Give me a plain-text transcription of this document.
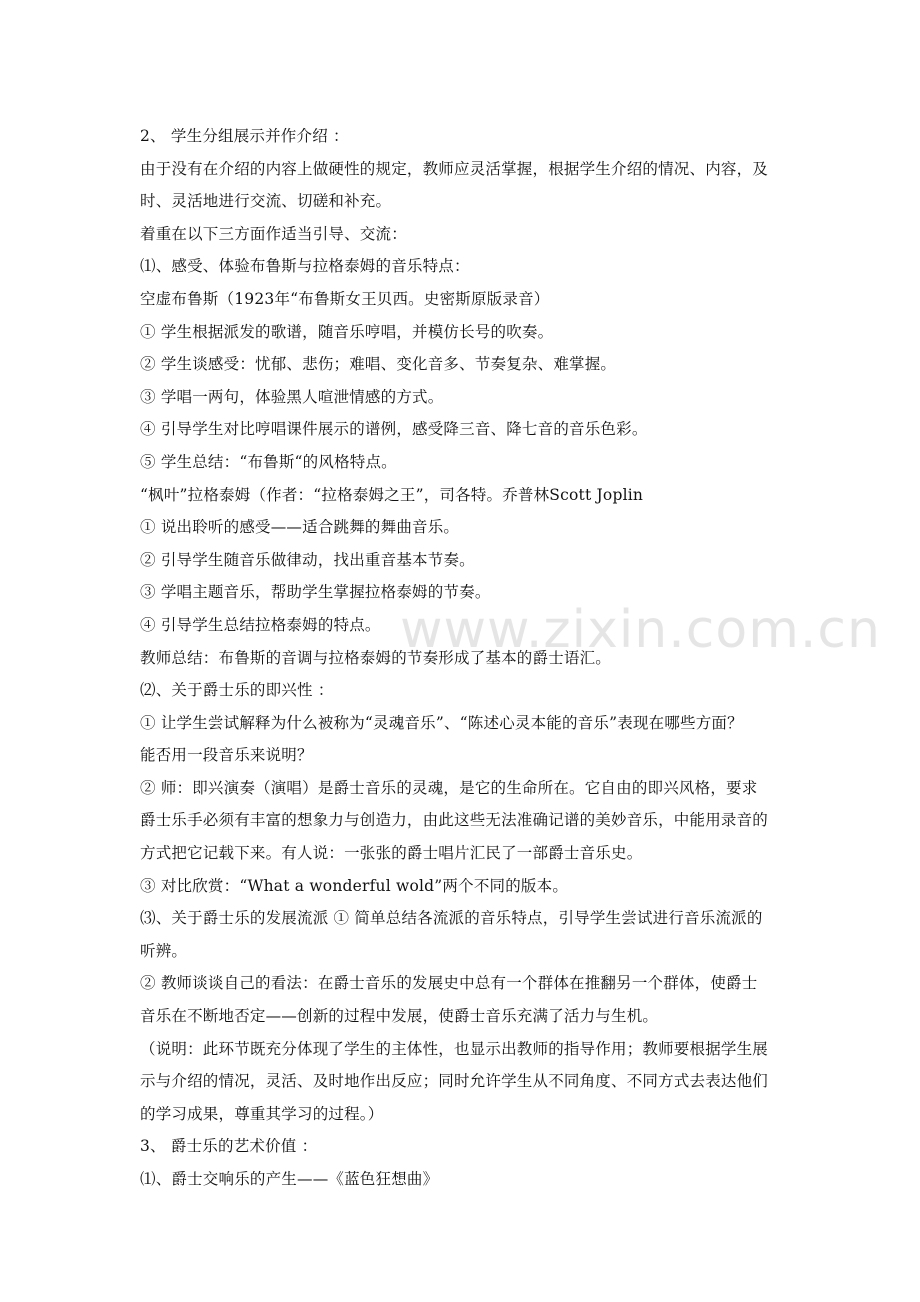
2、 学生分组展示并作介绍 ：
由于没有在介绍的内容上做硬性的规定，教师应灵活掌握，根据学生介绍的情况、内容，及
时、灵活地进行交流、切磋和补充。
着重在以下三方面作适当引导、交流：
⑴、感受、体验布鲁斯与拉格泰姆的音乐特点：
空虚布鲁斯（1923年“布鲁斯女王贝西。史密斯原版录音）
① 学生根据派发的歌谱，随音乐哼唱，并模仿长号的吹奏。
② 学生谈感受：忧郁、悲伤；难唱、变化音多、节奏复杂、难掌握。
③ 学唱一两句，体验黑人喧泄情感的方式。
④ 引导学生对比哼唱课件展示的谱例，感受降三音、降七音的音乐色彩。
⑤ 学生总结：“布鲁斯“的风格特点。
“枫叶”拉格泰姆（作者：“拉格泰姆之王”，司各特。乔普林Scott Joplin
① 说出聆听的感受——适合跳舞的舞曲音乐。
② 引导学生随音乐做律动，找出重音基本节奏。
③ 学唱主题音乐，帮助学生掌握拉格泰姆的节奏。
④ 引导学生总结拉格泰姆的特点。
教师总结：布鲁斯的音调与拉格泰姆的节奏形成了基本的爵士语汇。
⑵、关于爵士乐的即兴性 ：
① 让学生尝试解释为什么被称为“灵魂音乐”、“陈述心灵本能的音乐”表现在哪些方面？
能否用一段音乐来说明？
② 师：即兴演奏（演唱）是爵士音乐的灵魂，是它的生命所在。它自由的即兴风格，要求
爵士乐手必须有丰富的想象力与创造力，由此这些无法准确记谱的美妙音乐，中能用录音的
方式把它记载下来。有人说：一张张的爵士唱片汇民了一部爵士音乐史。
③ 对比欣赏：“What a wonderful wold”两个不同的版本。
⑶、关于爵士乐的发展流派 ① 简单总结各流派的音乐特点，引导学生尝试进行音乐流派的
听辨。
② 教师谈谈自己的看法：在爵士音乐的发展史中总有一个群体在推翻另一个群体，使爵士
音乐在不断地否定——创新的过程中发展，使爵士音乐充满了活力与生机。
（说明：此环节既充分体现了学生的主体性，也显示出教师的指导作用；教师要根据学生展
示与介绍的情况，灵活、及时地作出反应；同时允许学生从不同角度、不同方式去表达他们
的学习成果，尊重其学习的过程。）
3、 爵士乐的艺术价值 ：
⑴、爵士交响乐的产生——《蓝色狂想曲》
www.zixin.com.cn
